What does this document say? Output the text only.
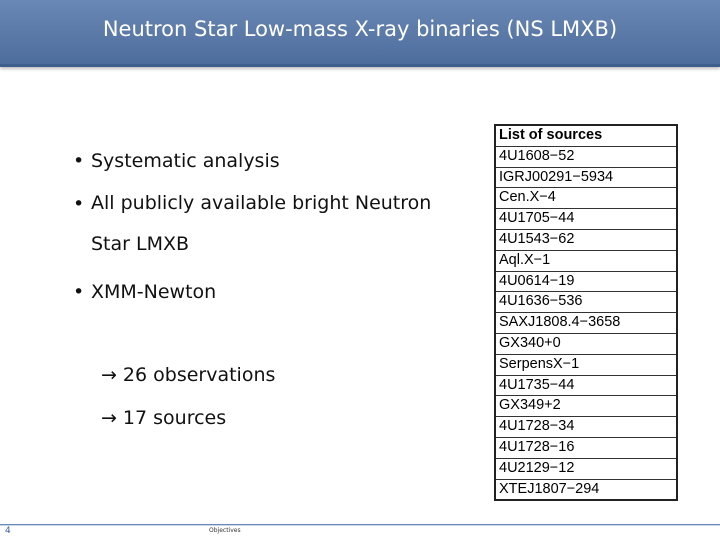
Neutron Star Low-mass X-ray binaries (NS LMXB)
• Systematic analysis
• All publicly available bright Neutron Star LMXB
• XMM-Newton
→ 26 observations
→ 17 sources
List of sources
4U1608−52
IGRJ00291−5934
Cen.X−4
4U1705−44
4U1543−62
Aql.X−1
4U0614−19
4U1636−536
SAXJ1808.4−3658
GX340+0
SerpensX−1
4U1735−44
GX349+2
4U1728−34
4U1728−16
4U2129−12
XTEJ1807−294
4	Objectives
